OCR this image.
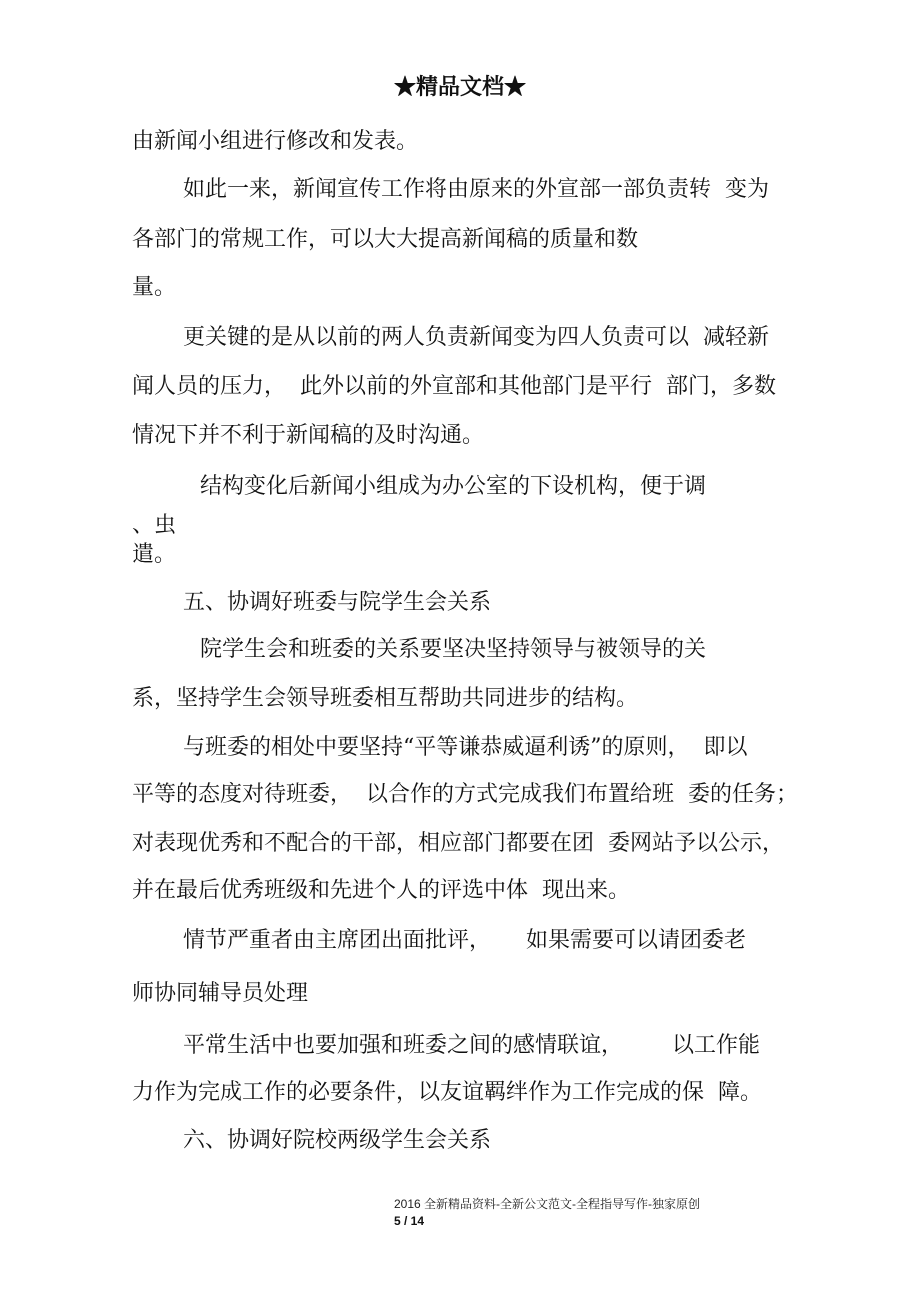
★精品文档★
由新闻小组进行修改和发表。
如此一来，新闻宣传工作将由原来的外宣部一部负责转  变为
各部门的常规工作，可以大大提高新闻稿的质量和数
量。
更关键的是从以前的两人负责新闻变为四人负责可以  减轻新
闻人员的压力，  此外以前的外宣部和其他部门是平行  部门，多数
情况下并不利于新闻稿的及时沟通。
结构变化后新闻小组成为办公室的下设机构，便于调
、虫
遣。
五、协调好班委与院学生会关系
院学生会和班委的关系要坚决坚持领导与被领导的关
系，坚持学生会领导班委相互帮助共同进步的结构。
与班委的相处中要坚持“平等谦恭威逼利诱”的原则，  即以
平等的态度对待班委，  以合作的方式完成我们布置给班  委的任务；
对表现优秀和不配合的干部，相应部门都要在团  委网站予以公示，
并在最后优秀班级和先进个人的评选中体  现出来。
情节严重者由主席团出面批评，     如果需要可以请团委老
师协同辅导员处理
平常生活中也要加强和班委之间的感情联谊，       以工作能
力作为完成工作的必要条件，以友谊羁绊作为工作完成的保  障。
六、协调好院校两级学生会关系
2016 全新精品资料-全新公文范文-全程指导写作-独家原创
5 / 14
